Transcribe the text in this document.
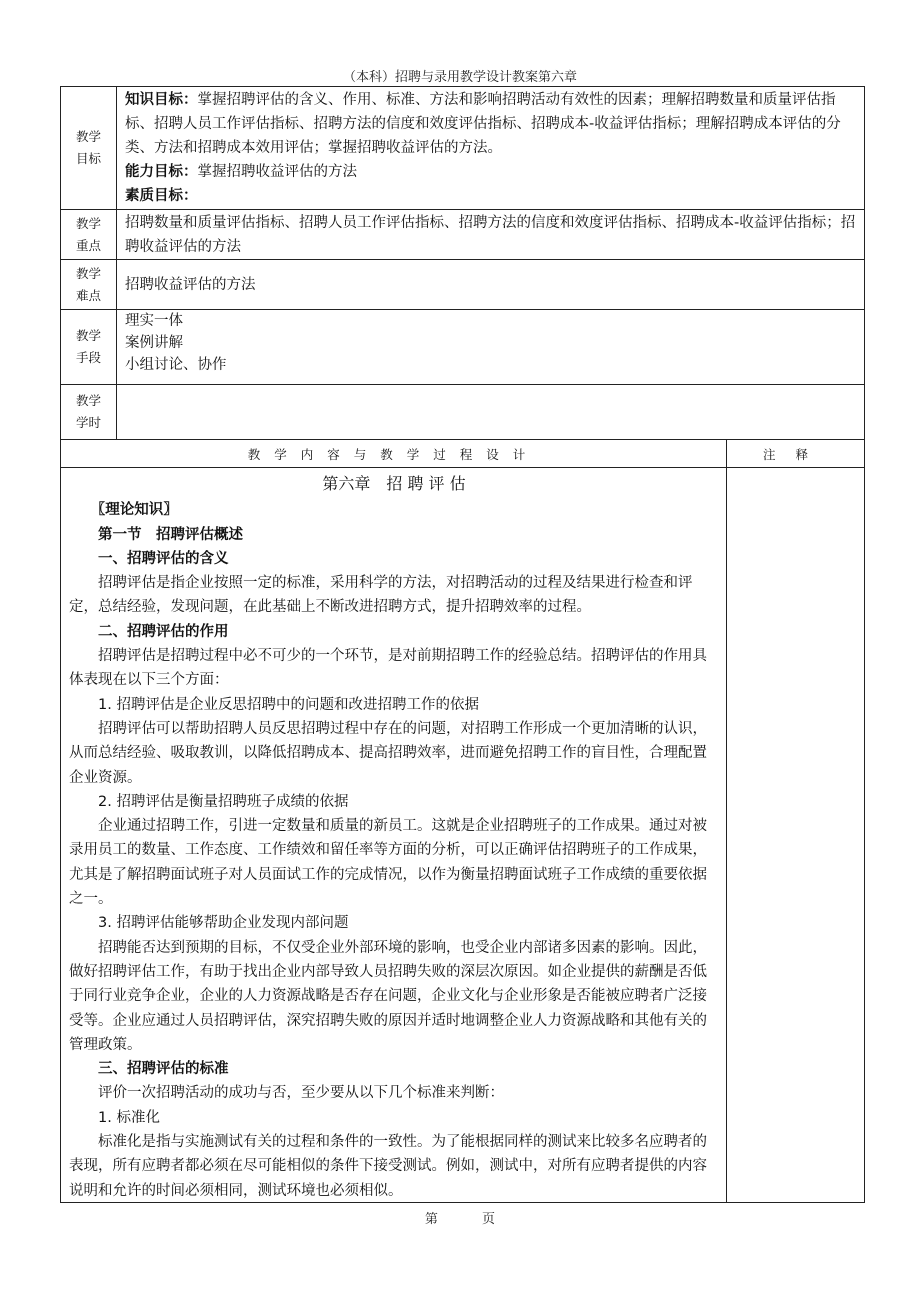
（本科）招聘与录用教学设计教案第六章
教学
目标

知识目标：掌握招聘评估的含义、作用、标准、方法和影响招聘活动有效性的因素；理解招聘数量和质量评估指标、招聘人员工作评估指标、招聘方法的信度和效度评估指标、招聘成本-收益评估指标；理解招聘成本评估的分类、方法和招聘成本效用评估；掌握招聘收益评估的方法。

能力目标：掌握招聘收益评估的方法

素质目标：

教学
重点
招聘数量和质量评估指标、招聘人员工作评估指标、招聘方法的信度和效度评估指标、招聘成本-收益评估指标；招聘收益评估的方法
教学
难点
招聘收益评估的方法
教学
手段

理实一体

案例讲解

小组讨论、协作

教学
学时
教学内容与教学过程设计	注释

第六章　招 聘 评 估

〖理论知识〗

第一节　招聘评估概述

一、招聘评估的含义

招聘评估是指企业按照一定的标准，采用科学的方法，对招聘活动的过程及结果进行检查和评定，总结经验，发现问题，在此基础上不断改进招聘方式，提升招聘效率的过程。

二、招聘评估的作用

招聘评估是招聘过程中必不可少的一个环节，是对前期招聘工作的经验总结。招聘评估的作用具体表现在以下三个方面：

1. 招聘评估是企业反思招聘中的问题和改进招聘工作的依据

招聘评估可以帮助招聘人员反思招聘过程中存在的问题，对招聘工作形成一个更加清晰的认识，从而总结经验、吸取教训，以降低招聘成本、提高招聘效率，进而避免招聘工作的盲目性，合理配置企业资源。

2. 招聘评估是衡量招聘班子成绩的依据

企业通过招聘工作，引进一定数量和质量的新员工。这就是企业招聘班子的工作成果。通过对被录用员工的数量、工作态度、工作绩效和留任率等方面的分析，可以正确评估招聘班子的工作成果，尤其是了解招聘面试班子对人员面试工作的完成情况，以作为衡量招聘面试班子工作成绩的重要依据之一。

3. 招聘评估能够帮助企业发现内部问题

招聘能否达到预期的目标，不仅受企业外部环境的影响，也受企业内部诸多因素的影响。因此，做好招聘评估工作，有助于找出企业内部导致人员招聘失败的深层次原因。如企业提供的薪酬是否低于同行业竞争企业，企业的人力资源战略是否存在问题，企业文化与企业形象是否能被应聘者广泛接受等。企业应通过人员招聘评估，深究招聘失败的原因并适时地调整企业人力资源战略和其他有关的管理政策。

三、招聘评估的标准

评价一次招聘活动的成功与否，至少要从以下几个标准来判断：

1. 标准化

标准化是指与实施测试有关的过程和条件的一致性。为了能根据同样的测试来比较多名应聘者的表现，所有应聘者都必须在尽可能相似的条件下接受测试。例如，测试中，对所有应聘者提供的内容说明和允许的时间必须相同，测试环境也必须相似。

第 页
